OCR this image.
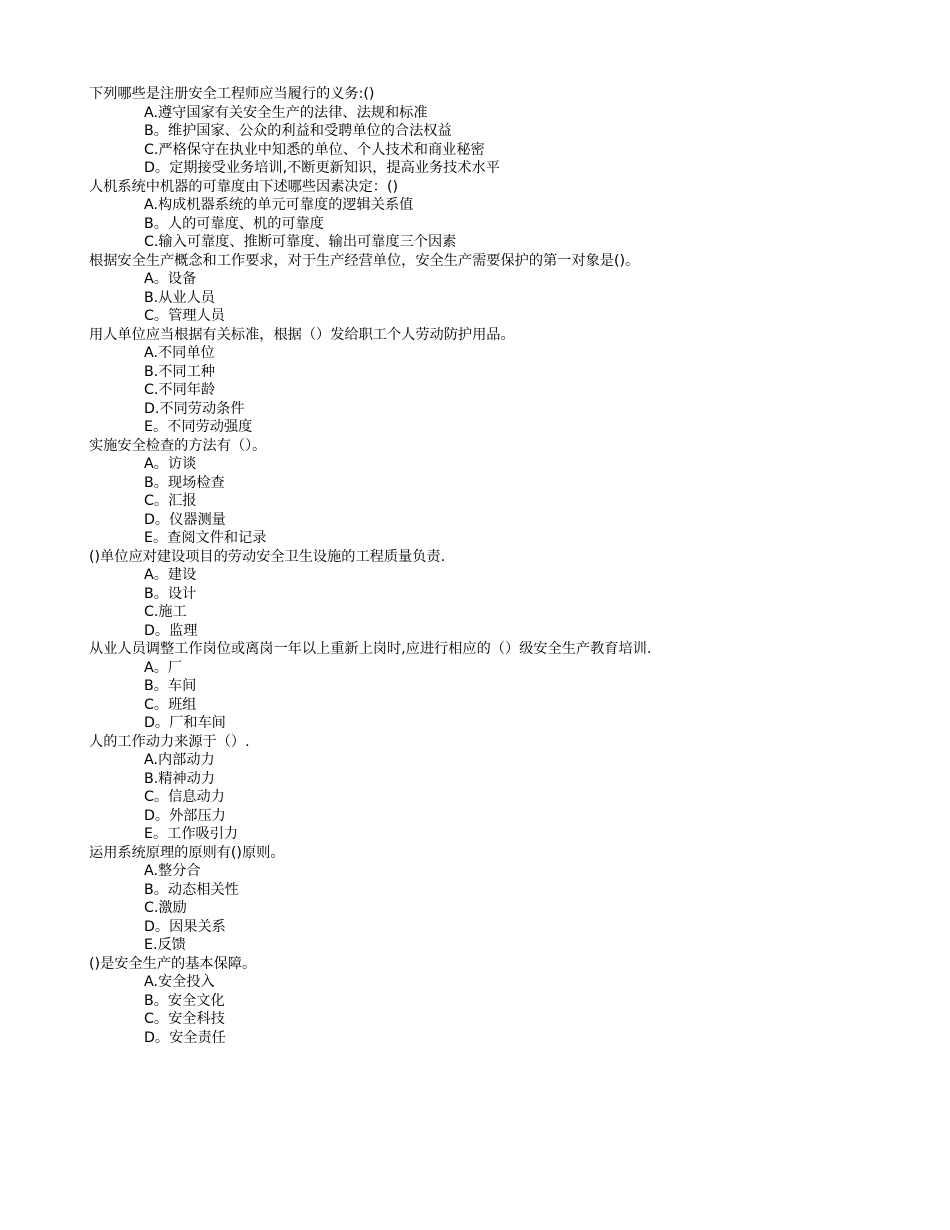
下列哪些是注册安全工程师应当履行的义务:()
A.遵守国家有关安全生产的法律、法规和标准
B。维护国家、公众的利益和受聘单位的合法权益
C.严格保守在执业中知悉的单位、个人技术和商业秘密
D。定期接受业务培训,不断更新知识，提高业务技术水平
人机系统中机器的可靠度由下述哪些因素决定：()
A.构成机器系统的单元可靠度的逻辑关系值
B。人的可靠度、机的可靠度
C.输入可靠度、推断可靠度、输出可靠度三个因素
根据安全生产概念和工作要求，对于生产经营单位，安全生产需要保护的第一对象是()。
A。设备
B.从业人员
C。管理人员
用人单位应当根据有关标准，根据（）发给职工个人劳动防护用品。
A.不同单位
B.不同工种
C.不同年龄
D.不同劳动条件
E。不同劳动强度
实施安全检查的方法有（）。
A。访谈
B。现场检查
C。汇报
D。仪器测量
E。查阅文件和记录
()单位应对建设项目的劳动安全卫生设施的工程质量负责.
A。建设
B。设计
C.施工
D。监理
从业人员调整工作岗位或离岗一年以上重新上岗时,应进行相应的（）级安全生产教育培训.
A。厂
B。车间
C。班组
D。厂和车间
人的工作动力来源于（）.
A.内部动力
B.精神动力
C。信息动力
D。外部压力
E。工作吸引力
运用系统原理的原则有()原则。
A.整分合
B。动态相关性
C.激励
D。因果关系
E.反馈
()是安全生产的基本保障。
A.安全投入
B。安全文化
C。安全科技
D。安全责任
